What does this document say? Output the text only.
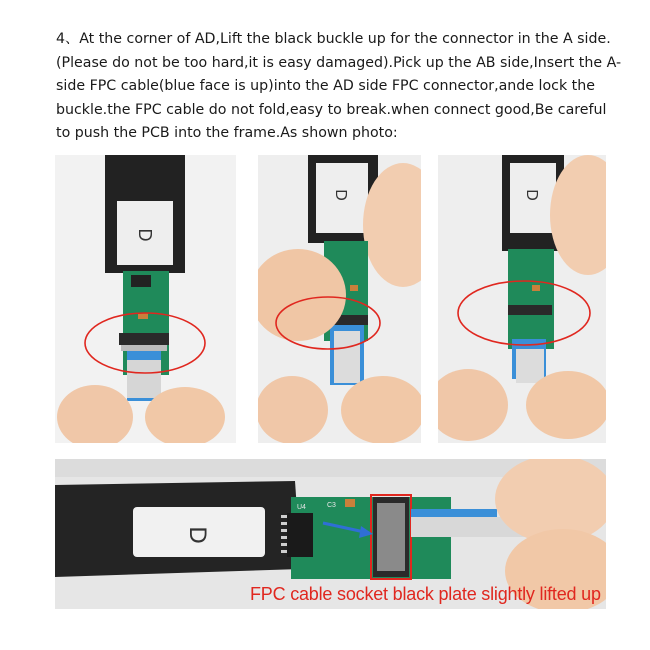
4、At the corner of AD,Lift the black buckle up for the connector in the A side.(Please do not be too hard,it is easy damaged).Pick up the AB side,Insert the A-side FPC cable(blue face is up)into the AD side FPC connector,ande lock the buckle.the FPC cable do not fold,easy to break.when connect good,Be careful to push the PCB into the frame.As shown photo:

D
D	D
D
U4	C3
FPC cable socket black plate slightly lifted up
